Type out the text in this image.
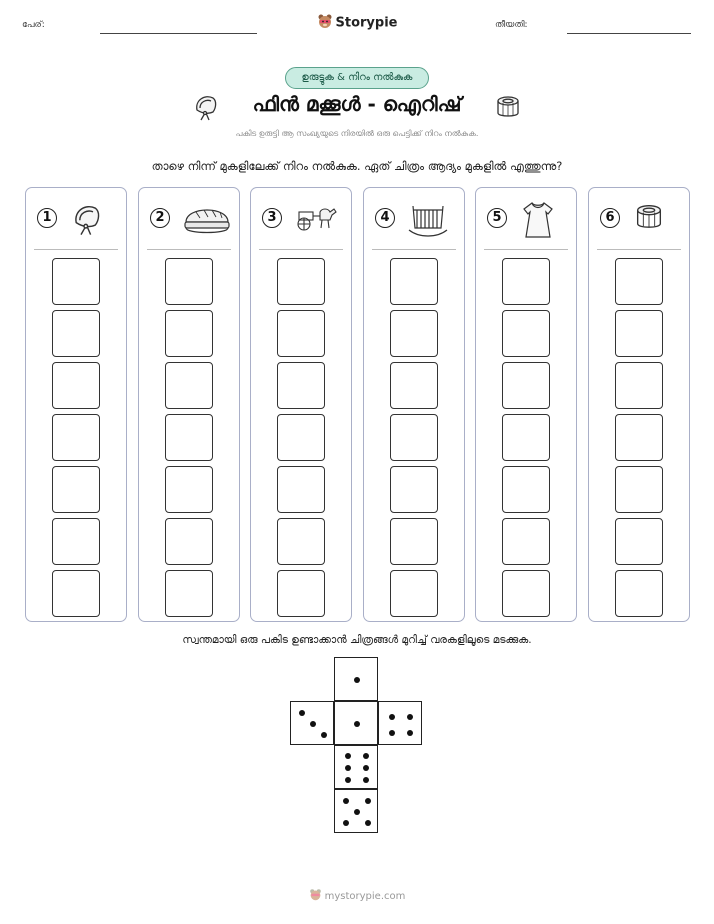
പേര്:	Storypie	തീയതി:
ഉരുട്ടുക & നിറം നൽകുക
ഫിൻ മക്കൂൾ - ഐറിഷ്
പകിട ഉരുട്ടി ആ സംഖ്യയുടെ നിരയിൽ ഒരു പെട്ടിക്ക് നിറം നൽകുക.
താഴെ നിന്ന് മുകളിലേക്ക് നിറം നൽകുക. ഏത് ചിത്രം ആദ്യം മുകളിൽ എത്തുന്നു?
1	2	3	4	5	6
സ്വന്തമായി ഒരു പകിട ഉണ്ടാക്കാൻ ചിത്രങ്ങൾ മുറിച്ച് വരകളിലൂടെ മടക്കുക.
mystorypie.com
